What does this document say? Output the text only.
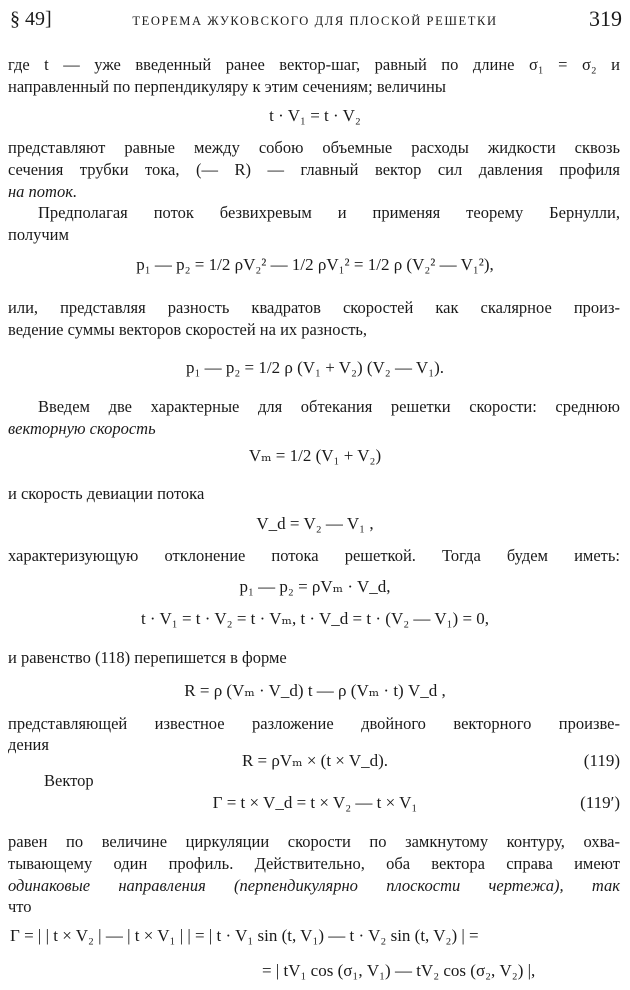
§ 49]	ТЕОРЕМА ЖУКОВСКОГО ДЛЯ ПЛОСКОЙ РЕШЕТКИ	319
где t — уже введенный ранее вектор-шаг, равный по длине σ₁ = σ₂ и
направленный по перпендикуляру к этим сечениям; величины
t · V₁ = t · V₂
представляют равные между собою объемные расходы жидкости сквозь
сечения трубки тока, (— R) — главный вектор сил давления профиля
на поток.
Предполагая поток безвихревым и применяя теорему Бернулли,
получим
p₁ — p₂ = 1/2 ρV₂² — 1/2 ρV₁² = 1/2 ρ (V₂² — V₁²),
или, представляя разность квадратов скоростей как скалярное произ-
ведение суммы векторов скоростей на их разность,
p₁ — p₂ = 1/2 ρ (V₁ + V₂) (V₂ — V₁).
Введем две характерные для обтекания решетки скорости: среднюю
векторную скорость
Vₘ = 1/2 (V₁ + V₂)
и скорость девиации потока
V_d = V₂ — V₁ ,
характеризующую отклонение потока решеткой. Тогда будем иметь:
p₁ — p₂ = ρVₘ · V_d,
t · V₁ = t · V₂ = t · Vₘ, t · V_d = t · (V₂ — V₁) = 0,
и равенство (118) перепишется в форме
R = ρ (Vₘ · V_d) t — ρ (Vₘ · t) V_d ,
представляющей известное разложение двойного векторного произве-
дения
R = ρVₘ × (t × V_d).	(119)
Вектор
Γ = t × V_d = t × V₂ — t × V₁	(119′)
равен по величине циркуляции скорости по замкнутому контуру, охва-
тывающему один профиль. Действительно, оба вектора справа имеют
одинаковые направления (перпендикулярно плоскости чертежа), так
что
Γ = | | t × V₂ | — | t × V₁ | | = | t · V₁ sin (t, V₁) — t · V₂ sin (t, V₂) | =
= | tV₁ cos (σ₁, V₁) — tV₂ cos (σ₂, V₂) |,
